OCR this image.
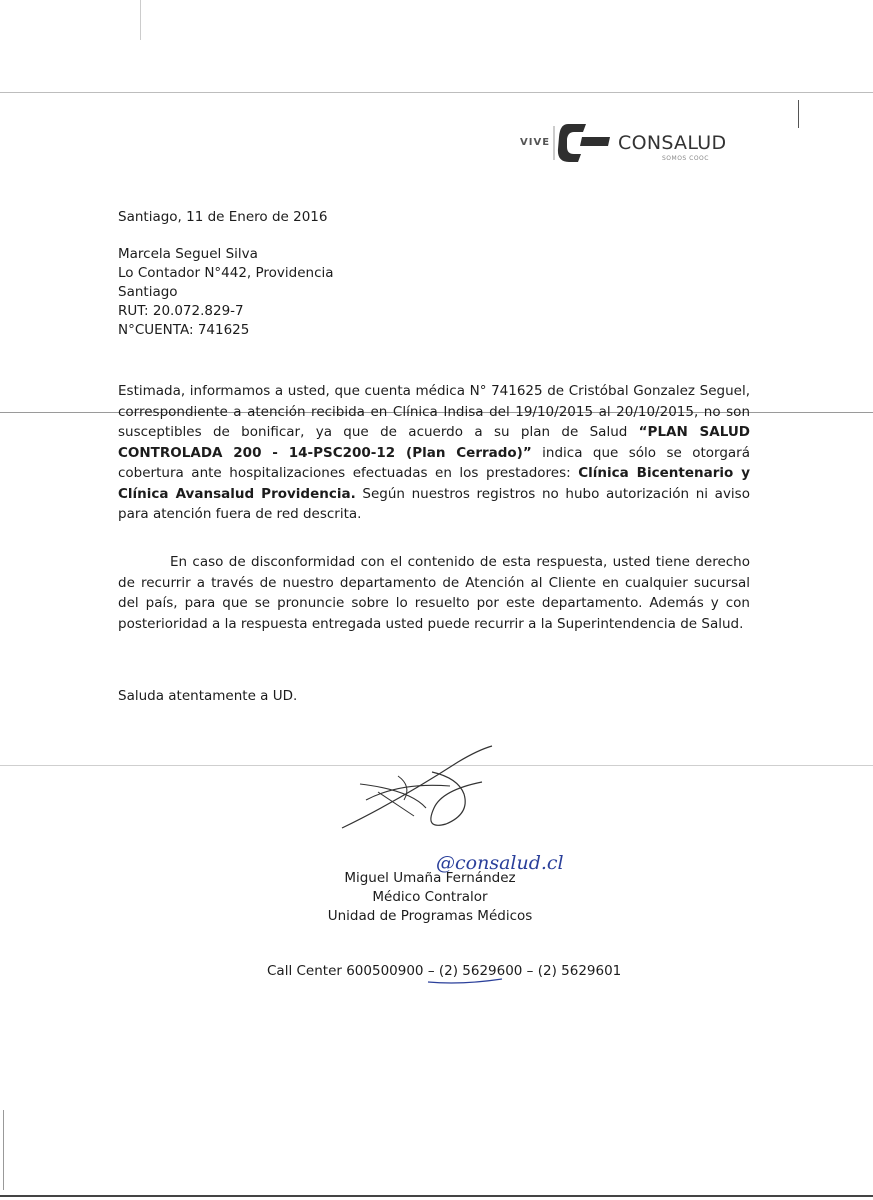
VIVE	CONSALUD
SOMOS COOC
Santiago, 11 de Enero de 2016
Marcela Seguel Silva
Lo Contador N°442, Providencia
Santiago
RUT: 20.072.829-7
N°CUENTA: 741625
Estimada, informamos a usted, que cuenta médica N° 741625 de Cristóbal Gonzalez Seguel, correspondiente a atención recibida en Clínica Indisa del 19/10/2015 al 20/10/2015, no son susceptibles de bonificar, ya que de acuerdo a su plan de Salud “PLAN SALUD CONTROLADA 200 - 14-PSC200-12 (Plan Cerrado)” indica que sólo se otorgará cobertura ante hospitalizaciones efectuadas en los prestadores: Clínica Bicentenario y Clínica Avansalud Providencia. Según nuestros registros no hubo autorización ni aviso para atención fuera de red descrita.
En caso de disconformidad con el contenido de esta respuesta, usted tiene derecho de recurrir a través de nuestro departamento de Atención al Cliente en cualquier sucursal del país, para que se pronuncie sobre lo resuelto por este departamento. Además y con posterioridad a la respuesta entregada usted puede recurrir a la Superintendencia de Salud.
Saluda atentamente a UD.
@consalud.cl
Miguel Umaña Fernández
Médico Contralor
Unidad de Programas Médicos
Call Center 600500900 – (2) 5629600 – (2) 5629601
